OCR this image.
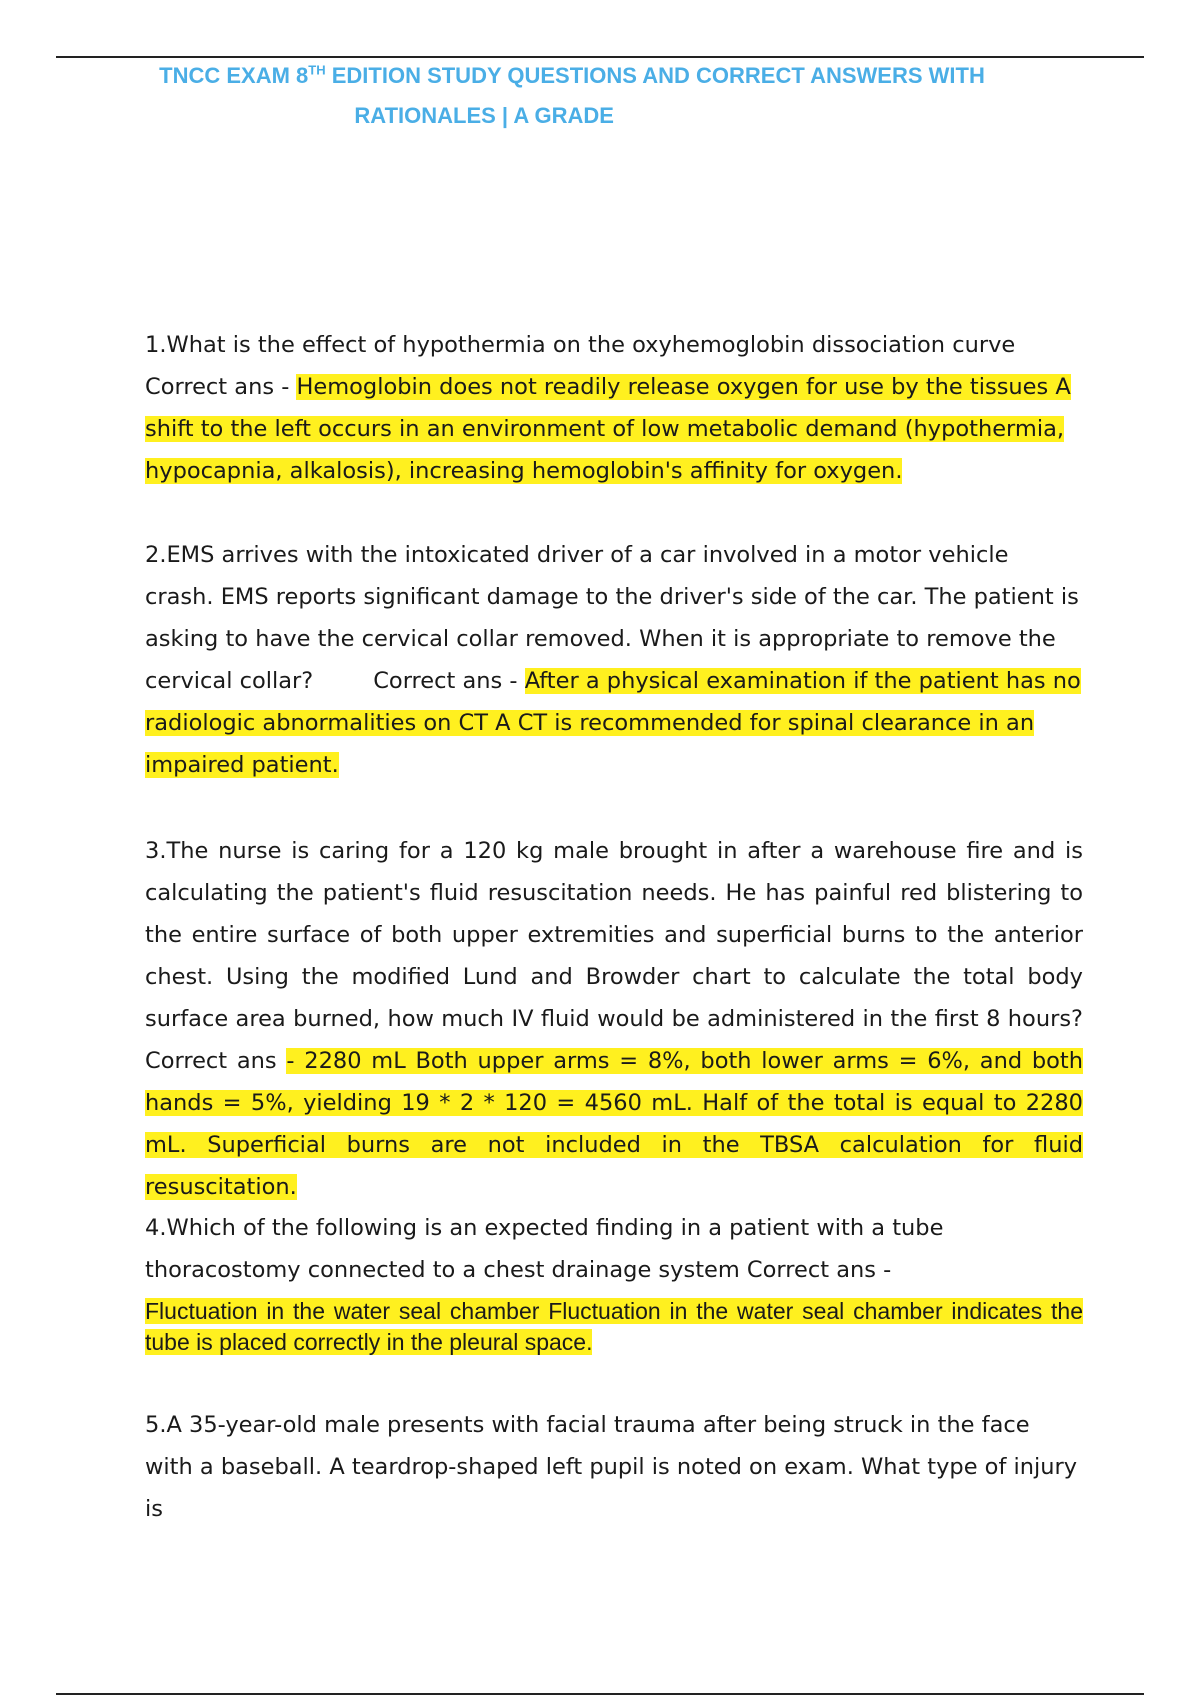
TNCC EXAM 8TH EDITION STUDY QUESTIONS AND CORRECT ANSWERS WITH
RATIONALES | A GRADE

1.What is the effect of hypothermia on the oxyhemoglobin dissociation curve Correct ans - Hemoglobin does not readily release oxygen for use by the tissues A shift to the left occurs in an environment of low metabolic demand (hypothermia, hypocapnia, alkalosis), increasing hemoglobin's affinity for oxygen.

2.EMS arrives with the intoxicated driver of a car involved in a motor vehicle crash. EMS reports significant damage to the driver's side of the car. The patient is asking to have the cervical collar removed. When it is appropriate to remove the cervical collar?	Correct ans - After a physical examination if the patient has no radiologic abnormalities on CT A CT is recommended for spinal clearance in an impaired patient.

3.The nurse is caring for a 120 kg male brought in after a warehouse fire and is calculating the patient's fluid resuscitation needs. He has painful red blistering to the entire surface of both upper extremities and superficial burns to the anterior chest. Using the modified Lund and Browder chart to calculate the total body surface area burned, how much IV fluid would be administered in the first 8 hours? Correct ans - 2280 mL Both upper arms = 8%, both lower arms = 6%, and both hands = 5%, yielding 19 * 2 * 120 = 4560 mL. Half of the total is equal to 2280 mL. Superficial burns are not included in the TBSA calculation for fluid resuscitation.

4.Which of the following is an expected finding in a patient with a tube thoracostomy connected to a chest drainage system Correct ans -

Fluctuation in the water seal chamber Fluctuation in the water seal chamber indicates the tube is placed correctly in the pleural space.

5.A 35-year-old male presents with facial trauma after being struck in the face with a baseball. A teardrop-shaped left pupil is noted on exam. What type of injury is
